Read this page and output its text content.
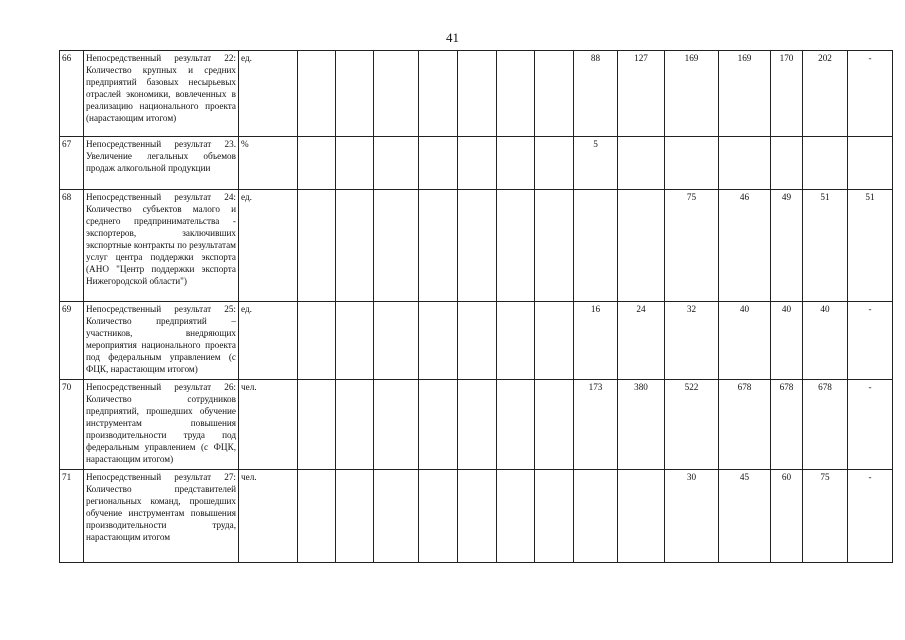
41
66	Непосредственный результат 22: Количество крупных и средних предприятий базовых несырьевых отраслей экономики, вовлеченных в реализацию национального проекта (нарастающим итогом)	ед.								88	127	169	169	170	202	-
67	Непосредственный результат 23. Увеличение легальных объемов продаж алкогольной продукции	%								5						
68	Непосредственный результат 24: Количество субъектов малого и среднего предпринимательства - экспортеров, заключивших экспортные контракты по результатам услуг центра поддержки экспорта (АНО "Центр поддержки экспорта Нижегородской области")	ед.										75	46	49	51	51
69	Непосредственный результат 25: Количество предприятий – участников, внедряющих мероприятия национального проекта под федеральным управлением (с ФЦК, нарастающим итогом)	ед.								16	24	32	40	40	40	-
70	Непосредственный результат 26: Количество сотрудников предприятий, прошедших обучение инструментам повышения производительности труда под федеральным управлением (с ФЦК, нарастающим итогом)	чел.								173	380	522	678	678	678	-
71	Непосредственный результат 27: Количество представителей региональных команд, прошедших обучение инструментам повышения производительности труда, нарастающим итогом	чел.										30	45	60	75	-
